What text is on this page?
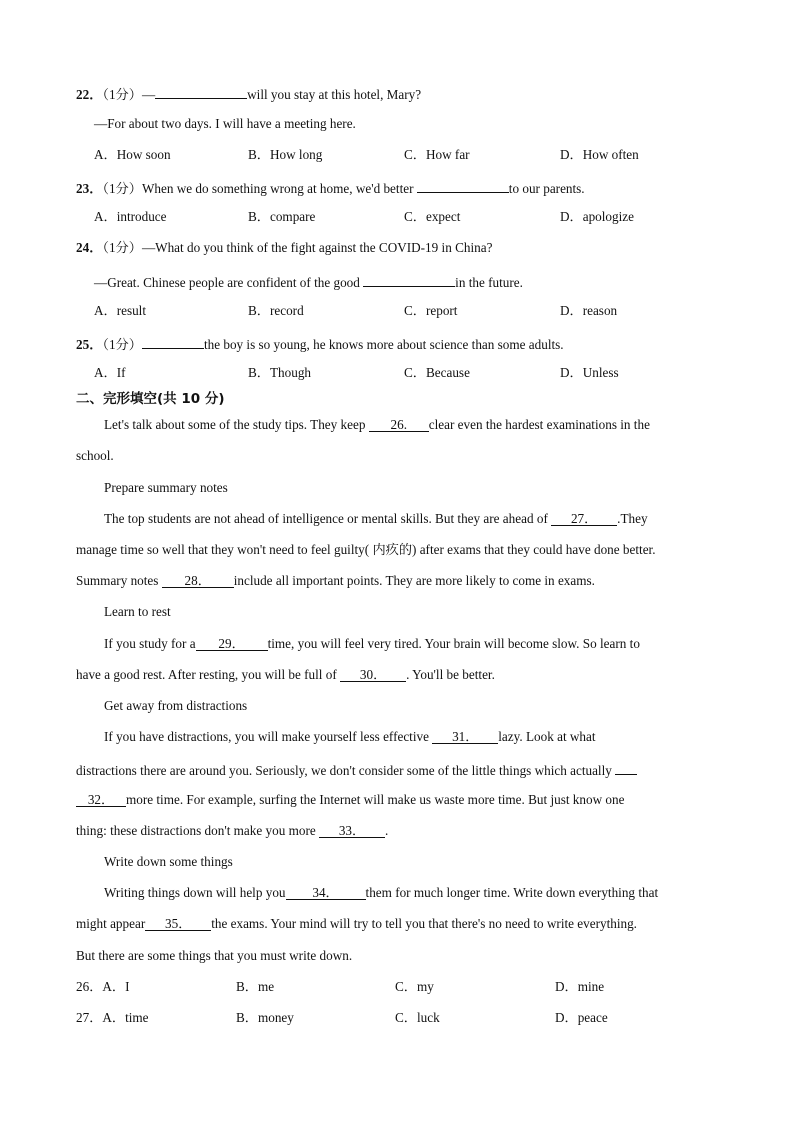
22．（1分）—	will you stay at this hotel, Mary?
—For about two days. I will have a meeting here.
A．How soon	B．How long	C．How far	D．How often
23．（1分）When we do something wrong at home, we'd better	to our parents.
A．introduce	B．compare	C．expect	D．apologize
24．（1分）—What do you think of the fight against the COVID-19 in China?
—Great. Chinese people are confident of the good	in the future.
A．result	B．record	C．report	D．reason
25．（1分）	the boy is so young, he knows more about science than some adults.
A．If	B．Though	C．Because	D．Unless
二、完形填空(共 10 分)
Let's talk about some of the study tips. They keep 26. clear even the hardest examinations in the
school.
Prepare summary notes
The top students are not ahead of intelligence or mental skills. But they are ahead of 27． .They
manage time so well that they won't need to feel guilty( 内疚的) after exams that they could have done better.
Summary notes 28． include all important points. They are more likely to come in exams.
Learn to rest
If you study for a 29． time, you will feel very tired. Your brain will become slow. So learn to
have a good rest. After resting, you will be full of 30． . You'll be better.
Get away from distractions
If you have distractions, you will make yourself less effective 31． lazy. Look at what
distractions there are around you. Seriously, we don't consider some of the little things which actually
32． more time. For example, surfing the Internet will make us waste more time. But just know one
thing: these distractions don't make you more 33． .
Write down some things
Writing things down will help you 34． them for much longer time. Write down everything that
might appear 35． the exams. Your mind will try to tell you that there's no need to write everything.
But there are some things that you must write down.
26．A．I	B．me	C．my	D．mine
27．A．time	B．money	C．luck	D．peace
